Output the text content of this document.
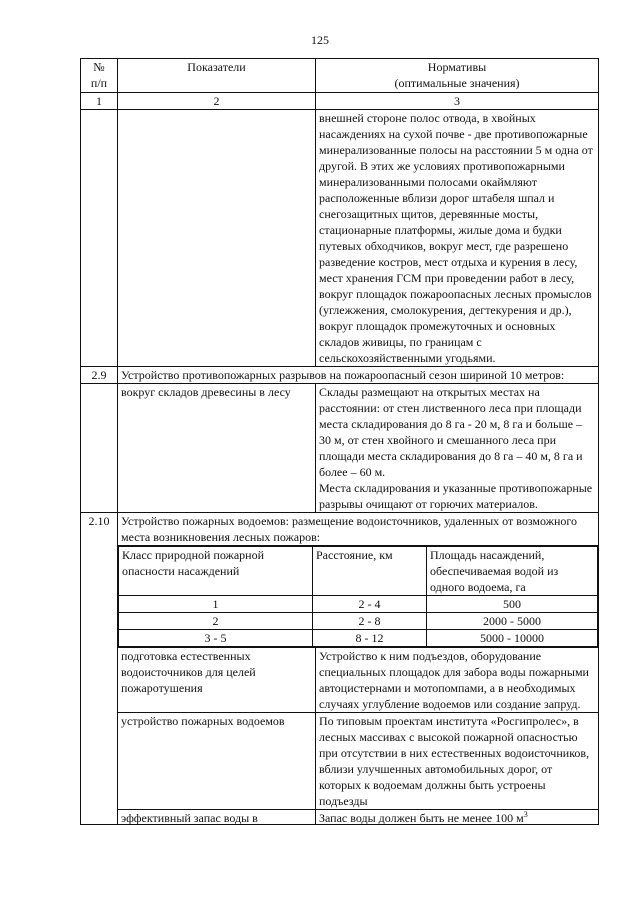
125
№
п/п
	Показатели	Нормативы
(оптимальные значения)

1	2	3
		внешней стороне полос отвода, в хвойных насаждениях на сухой почве - две противопожарные минерализованные полосы на расстоянии 5 м одна от другой. В этих же условиях противопожарными минерализованными полосами окаймляют расположенные вблизи дорог штабеля шпал и снегозащитных щитов, деревянные мосты, стационарные платформы, жилые дома и будки путевых обходчиков, вокруг мест, где разрешено разведение костров, мест отдыха и курения в лесу, мест хранения ГСМ при проведении работ в лесу, вокруг площадок пожароопасных лесных промыслов (углежжения, смолокурения, дегтекурения и др.), вокруг площадок промежуточных и основных складов живицы, по границам с сельскохозяйственными угодьями.
2.9	Устройство противопожарных разрывов на пожароопасный сезон шириной 10 метров:
	вокруг складов древесины в лесу	Склады размещают на открытых местах на расстоянии: от стен лиственного леса при площади места складирования до 8 га - 20 м, 8 га и больше – 30 м, от стен хвойного и смешанного леса при площади места складирования до 8 га – 40 м, 8 га и более – 60 м.
Места складирования и указанные противопожарные разрывы очищают от горючих материалов.

2.10	Устройство пожарных водоемов: размещение водоисточников, удаленных от возможного места возникновения лесных пожаров:

Класс природной пожарной опасности насаждений	Расстояние, км	Площадь насаждений, обеспечиваемая водой из одного водоема, га
1	2 - 4	500
2	2 - 8	2000 - 5000
3 - 5	8 - 12	5000 - 10000

подготовка естественных водоисточников для целей пожаротушения	Устройство к ним подъездов, оборудование специальных площадок для забора воды пожарными автоцистернами и мотопомпами, а в необходимых случаях углубление водоемов или создание запруд.
устройство пожарных водоемов	По типовым проектам института «Росгипролес», в лесных массивах с высокой пожарной опасностью при отсутствии в них естественных водоисточников, вблизи улучшенных автомобильных дорог, от которых к водоемам должны быть устроены подъезды

эффективный запас воды в	Запас воды должен быть не менее 100 $м^3$
